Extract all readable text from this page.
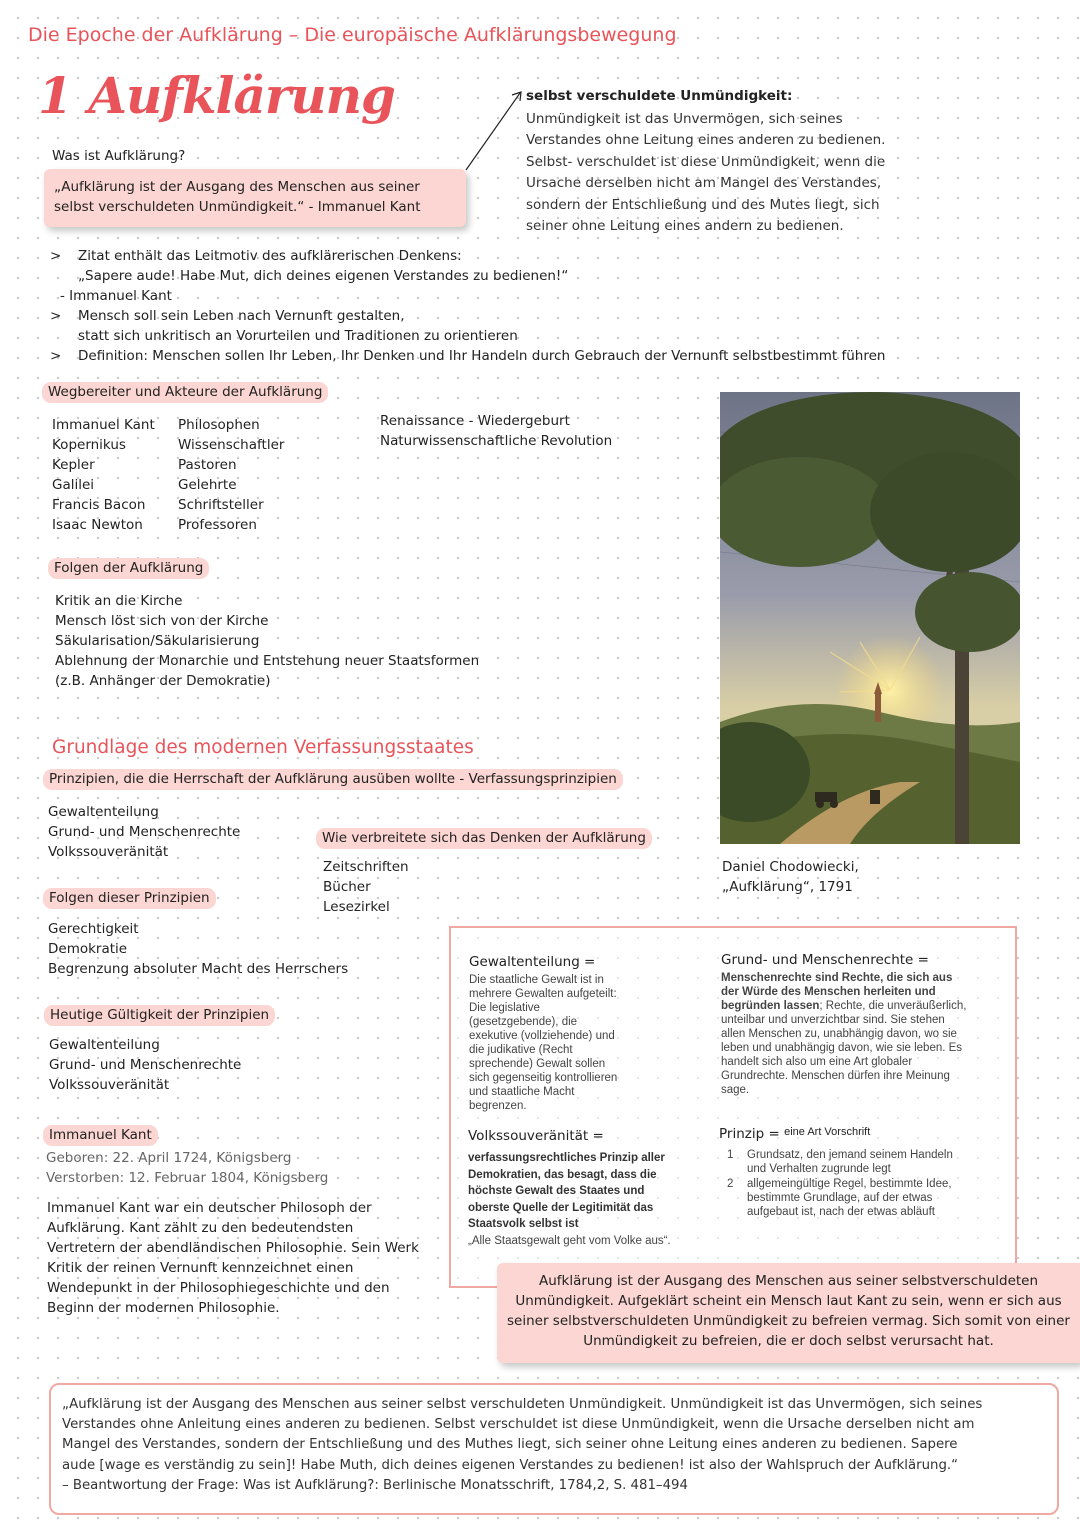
Die Epoche der Aufklärung – Die europäische Aufklärungsbewegung
1 Aufklärung
Was ist Aufklärung?
„Aufklärung ist der Ausgang des Menschen aus seiner
selbst verschuldeten Unmündigkeit.“ - Immanuel Kant
selbst verschuldete Unmündigkeit:
Unmündigkeit ist das Unvermögen, sich seines
Verstandes ohne Leitung eines anderen zu bedienen.
Selbst- verschuldet ist diese Unmündigkeit, wenn die
Ursache derselben nicht am Mangel des Verstandes,
sondern der Entschließung und des Mutes liegt, sich
seiner ohne Leitung eines andern zu bedienen.
> Zitat enthält das Leitmotiv des aufklärerischen Denkens:
„Sapere aude! Habe Mut, dich deines eigenen Verstandes zu bedienen!“
- Immanuel Kant
> Mensch soll sein Leben nach Vernunft gestalten,
statt sich unkritisch an Vorurteilen und Traditionen zu orientieren
> Definition: Menschen sollen Ihr Leben, Ihr Denken und Ihr Handeln durch Gebrauch der Vernunft selbstbestimmt führen
Wegbereiter und Akteure der Aufklärung
Immanuel Kant
Kopernikus
Kepler
Galilei
Francis Bacon
Isaac Newton
Philosophen
Wissenschaftler
Pastoren
Gelehrte
Schriftsteller
Professoren
Renaissance - Wiedergeburt
Naturwissenschaftliche Revolution
Folgen der Aufklärung
Kritik an die Kirche
Mensch löst sich von der Kirche
Säkularisation/Säkularisierung
Ablehnung der Monarchie und Entstehung neuer Staatsformen
(z.B. Anhänger der Demokratie)
Daniel Chodowiecki,
„Aufklärung“, 1791
Grundlage des modernen Verfassungsstaates
Prinzipien, die die Herrschaft der Aufklärung ausüben wollte - Verfassungsprinzipien
Gewaltenteilung
Grund- und Menschenrechte
Volkssouveränität
Wie verbreitete sich das Denken der Aufklärung
Zeitschriften
Bücher
Lesezirkel
Folgen dieser Prinzipien
Gerechtigkeit
Demokratie
Begrenzung absoluter Macht des Herrschers
Heutige Gültigkeit der Prinzipien
Gewaltenteilung
Grund- und Menschenrechte
Volkssouveränität
Gewaltenteilung =
Die staatliche Gewalt ist in
mehrere Gewalten aufgeteilt:
Die legislative
(gesetzgebende), die
exekutive (vollziehende) und
die judikative (Recht
sprechende) Gewalt sollen
sich gegenseitig kontrollieren
und staatliche Macht
begrenzen.
Grund- und Menschenrechte =
Menschenrechte sind Rechte, die sich aus
der Würde des Menschen herleiten und
begründen lassen; Rechte, die unveräußerlich,
unteilbar und unverzichtbar sind. Sie stehen
allen Menschen zu, unabhängig davon, wo sie
leben und unabhängig davon, wie sie leben. Es
handelt sich also um eine Art globaler
Grundrechte. Menschen dürfen ihre Meinung
sage.
Volkssouveränität =
verfassungsrechtliches Prinzip aller
Demokratien, das besagt, dass die
höchste Gewalt des Staates und
oberste Quelle der Legitimität das
Staatsvolk selbst ist
„Alle Staatsgewalt geht vom Volke aus“.
Prinzip = $^{eine Art Vorschrift}$
1 Grundsatz, den jemand seinem Handeln
und Verhalten zugrunde legt
2 allgemeingültige Regel, bestimmte Idee,
bestimmte Grundlage, auf der etwas
aufgebaut ist, nach der etwas abläuft
Immanuel Kant
Geboren: 22. April 1724, Königsberg
Verstorben: 12. Februar 1804, Königsberg
Immanuel Kant war ein deutscher Philosoph der
Aufklärung. Kant zählt zu den bedeutendsten
Vertretern der abendländischen Philosophie. Sein Werk
Kritik der reinen Vernunft kennzeichnet einen
Wendepunkt in der Philosophiegeschichte und den
Beginn der modernen Philosophie.
Aufklärung ist der Ausgang des Menschen aus seiner selbstverschuldeten
Unmündigkeit. Aufgeklärt scheint ein Mensch laut Kant zu sein, wenn er sich aus
seiner selbstverschuldeten Unmündigkeit zu befreien vermag. Sich somit von einer
Unmündigkeit zu befreien, die er doch selbst verursacht hat.
„Aufklärung ist der Ausgang des Menschen aus seiner selbst verschuldeten Unmündigkeit. Unmündigkeit ist das Unvermögen, sich seines
Verstandes ohne Anleitung eines anderen zu bedienen. Selbst verschuldet ist diese Unmündigkeit, wenn die Ursache derselben nicht am
Mangel des Verstandes, sondern der Entschließung und des Muthes liegt, sich seiner ohne Leitung eines anderen zu bedienen. Sapere
aude [wage es verständig zu sein]! Habe Muth, dich deines eigenen Verstandes zu bedienen! ist also der Wahlspruch der Aufklärung.“
– Beantwortung der Frage: Was ist Aufklärung?: Berlinische Monatsschrift, 1784,2, S. 481–494
